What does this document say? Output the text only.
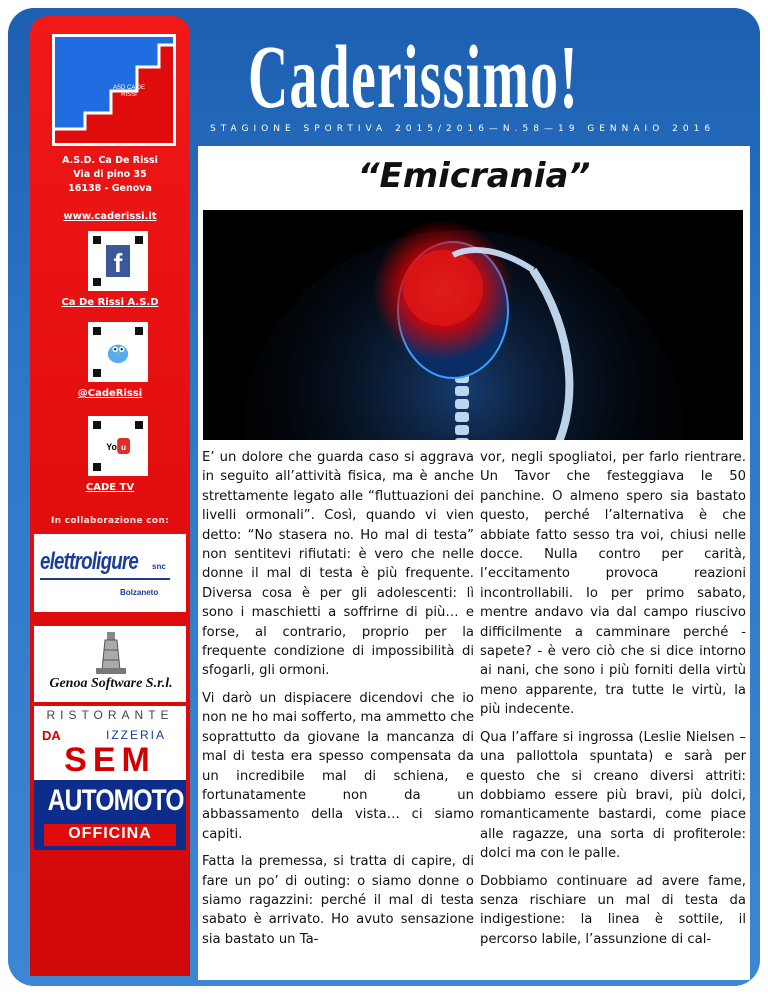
ASD CA DE RISSI
A.S.D. Ca De Rissi
Via di pino 35
16138 - Genova
www.caderissi.it
f
Ca De Rissi A.S.D
@CadeRissi
Yo u
CADE TV
In collaborazione con:
elettroligure snc
Bolzaneto
Genoa Software S.r.l.
RISTORANTE
DA	IZZERIA
SEM
AUTOMOTO
OFFICINA
Caderissimo!
STAGIONE SPORTIVA 2015/2016—N.58—19 GENNAIO 2016
“Emicrania”

E’ un dolore che guarda caso si aggrava in seguito all’attività fisica, ma è anche strettamente legato alle “fluttuazioni dei livelli ormonali”. Così, quando vi vien detto: “No stasera no. Ho mal di testa” non sentitevi rifiutati: è vero che nelle donne il mal di testa è più frequente. Diversa cosa è per gli adolescenti: lì sono i maschietti a soffrirne di più… e forse, al contrario, proprio per la frequente condizione di impossibilità di sfogarli, gli ormoni.

Vi darò un dispiacere dicendovi che io non ne ho mai sofferto, ma ammetto che soprattutto da giovane la mancanza di mal di testa era spesso compensata da un incredibile mal di schiena, e fortunatamente non da un abbassamento della vista… ci siamo capiti.

Fatta la premessa, si tratta di capire, di fare un po’ di outing: o siamo donne o siamo ragazzini: perché il mal di testa sabato è arrivato. Ho avuto sensazione sia bastato un Ta-

vor, negli spogliatoi, per farlo rientrare. Un Tavor che festeggiava le 50 panchine. O almeno spero sia bastato questo, perché l’alternativa è che abbiate fatto sesso tra voi, chiusi nelle docce. Nulla contro per carità, l’eccitamento provoca reazioni incontrollabili. Io per primo sabato, mentre andavo via dal campo riuscivo difficilmente a camminare perché - sapete? - è vero ciò che si dice intorno ai nani, che sono i più forniti della virtù meno apparente, tra tutte le virtù, la più indecente.

Qua l’affare si ingrossa (Leslie Nielsen – una pallottola spuntata) e sarà per questo che si creano diversi attriti: dobbiamo essere più bravi, più dolci, romanticamente bastardi, come piace alle ragazze, una sorta di profiterole: dolci ma con le palle.

Dobbiamo continuare ad avere fame, senza rischiare un mal di testa da indigestione: la linea è sottile, il percorso labile, l’assunzione di cal-
